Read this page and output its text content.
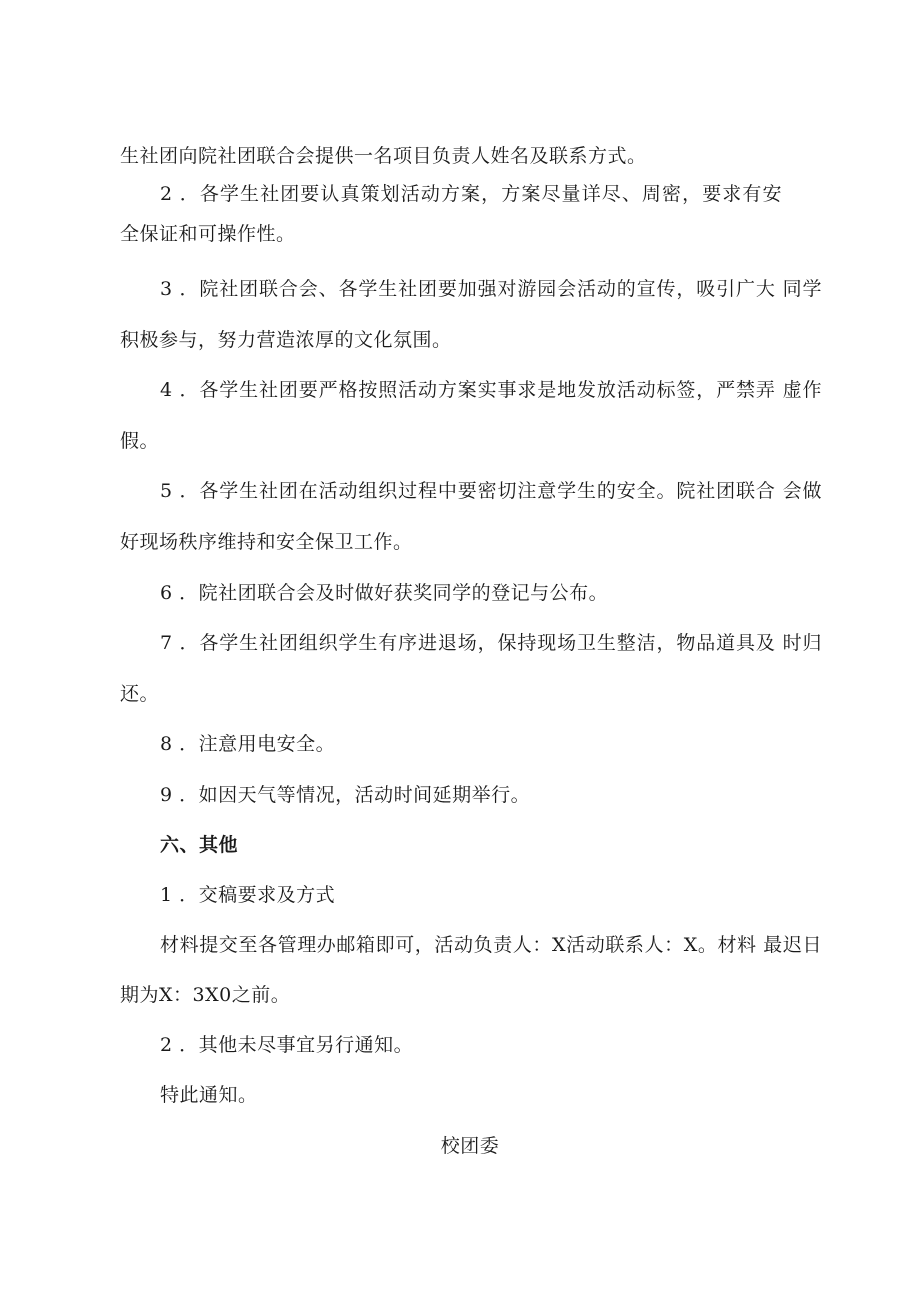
生社团向院社团联合会提供一名项目负责人姓名及联系方式。
2 ．各学生社团要认真策划活动方案，方案尽量详尽、周密，要求有安
全保证和可操作性。
3 ．院社团联合会、各学生社团要加强对游园会活动的宣传，吸引广大 同学
积极参与，努力营造浓厚的文化氛围。
4 ．各学生社团要严格按照活动方案实事求是地发放活动标签，严禁弄 虚作
假。
5 ．各学生社团在活动组织过程中要密切注意学生的安全。院社团联合 会做
好现场秩序维持和安全保卫工作。
6 ．院社团联合会及时做好获奖同学的登记与公布。
7 ．各学生社团组织学生有序进退场，保持现场卫生整洁，物品道具及 时归
还。
8 ．注意用电安全。
9 ．如因天气等情况，活动时间延期举行。
六、其他
1 ．交稿要求及方式
材料提交至各管理办邮箱即可，活动负责人：X活动联系人：X。材料 最迟日
期为X：3X0之前。
2 ．其他未尽事宜另行通知。
特此通知。
校团委
